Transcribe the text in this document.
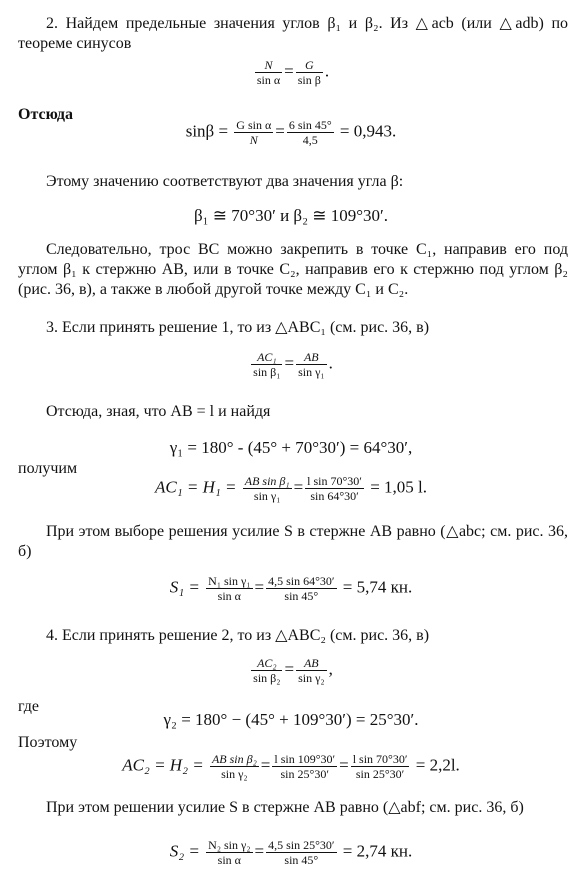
2. Найдем предельные значения углов β₁ и β₂. Из △acb (или △adb) по теореме синусов
$\frac{N}{\text{sin α}} = \frac{G}{\text{sin β}}$ .
Отсюда
$\sin\beta = \frac{\text{G sin α}}{N} = \frac{6 \sin 45^\circ}{4,5} = 0,943$.
Этому значению соответствуют два значения угла β:
β₁ ≅ 70°30′ и β₂ ≅ 109°30′.
Следовательно, трос BC можно закрепить в точке C₁, направив его под углом β₁ к стержню AB, или в точке C₂, направив его к стержню под углом β₂ (рис. 36, в), а также в любой другой точке между C₁ и C₂.
3. Если принять решение 1, то из △ABC₁ (см. рис. 36, в)
$\frac{\text{AC₁}}{\text{sin β₁}} = \frac{AB}{\text{sin γ₁}}$ .
Отсюда, зная, что AB = l и найдя
γ₁ = 180° - (45° + 70°30′) = 64°30′,
получим
$AC_1 = H_1 = \frac{\text{AB sin β₁}}{\text{sin γ₁}} = \frac{\text{l sin 70°30′}}{\sin 64^\circ 30'} = 1,05$ l.
При этом выборе решения усилие S в стержне AB равно (△abc; см. рис. 36, б)
$S_1 = \frac{\text{N₁ sin γ₁}}{\text{sin α}} = \frac{4,5 \sin 64^\circ 30'}{\sin 45^\circ} = 5,74$ кн.
4. Если принять решение 2, то из △ABC₂ (см. рис. 36, в)
$\frac{\text{AC₂}}{\text{sin β₂}} = \frac{AB}{\text{sin γ₂}}$ ,
где
γ₂ = 180° − (45° + 109°30′) = 25°30′.
Поэтому
$AC_2 = H_2 = \frac{\text{AB sin β₂}}{\text{sin γ₂}} = \frac{\text{l sin 109°30′}}{\sin 25^\circ 30'} = \frac{\text{l sin 70°30′}}{\sin 25^\circ 30'} = 2,2l$.
При этом решении усилие S в стержне AB равно (△abf; см. рис. 36, б)
$S_2 = \frac{\text{N₂ sin γ₂}}{\text{sin α}} = \frac{4,5 \sin 25^\circ 30'}{\sin 45^\circ} = 2,74$ кн.
